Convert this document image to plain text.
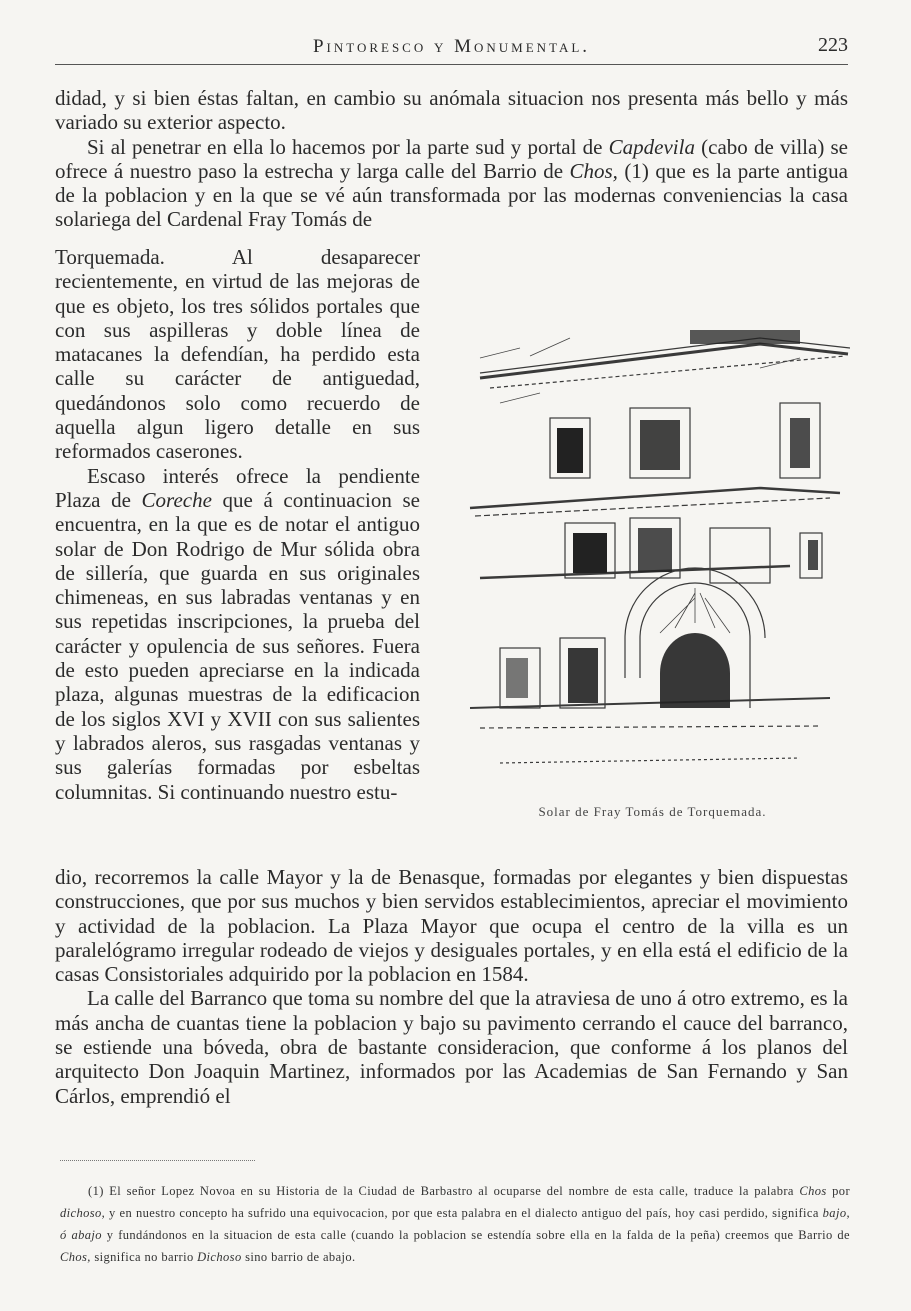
Pintoresco y Monumental.	223

didad, y si bien éstas faltan, en cambio su anómala situacion nos presenta más bello y más variado su exterior aspecto.

Si al penetrar en ella lo hacemos por la parte sud y portal de Capdevila (cabo de villa) se ofrece á nuestro paso la estrecha y larga calle del Barrio de Chos, (1) que es la parte antigua de la poblacion y en la que se vé aún transformada por las modernas conveniencias la casa solariega del Cardenal Fray Tomás de

Torquemada. Al desaparecer recientemente, en virtud de las mejoras de que es objeto, los tres sólidos portales que con sus aspilleras y doble línea de matacanes la defendían, ha perdido esta calle su carácter de antiguedad, quedándonos solo como recuerdo de aquella algun ligero detalle en sus reformados caserones.

Escaso interés ofrece la pendiente Plaza de Coreche que á continuacion se encuentra, en la que es de notar el antiguo solar de Don Rodrigo de Mur sólida obra de sillería, que guarda en sus originales chimeneas, en sus labradas ventanas y en sus repetidas inscripciones, la prueba del carácter y opulencia de sus señores. Fuera de esto pueden apreciarse en la indicada plaza, algunas muestras de la edificacion de los siglos XVI y XVII con sus salientes y labrados aleros, sus rasgadas ventanas y sus galerías formadas por esbeltas columnitas. Si continuando nuestro estu-

Solar de Fray Tomás de Torquemada.

dio, recorremos la calle Mayor y la de Benasque, formadas por elegantes y bien dispuestas construcciones, que por sus muchos y bien servidos establecimientos, apreciar el movimiento y actividad de la poblacion. La Plaza Mayor que ocupa el centro de la villa es un paralelógramo irregular rodeado de viejos y desiguales portales, y en ella está el edificio de la casas Consistoriales adquirido por la poblacion en 1584.

La calle del Barranco que toma su nombre del que la atraviesa de uno á otro extremo, es la más ancha de cuantas tiene la poblacion y bajo su pavimento cerrando el cauce del barranco, se estiende una bóveda, obra de bastante consideracion, que conforme á los planos del arquitecto Don Joaquin Martinez, informados por las Academias de San Fernando y San Cárlos, emprendió el

(1) El señor Lopez Novoa en su Historia de la Ciudad de Barbastro al ocuparse del nombre de esta calle, traduce la palabra Chos por dichoso, y en nuestro concepto ha sufrido una equivocacion, por que esta palabra en el dialecto antiguo del país, hoy casi perdido, significa bajo, ó abajo y fundándonos en la situacion de esta calle (cuando la poblacion se estendía sobre ella en la falda de la peña) creemos que Barrio de Chos, significa no barrio Dichoso sino barrio de abajo.
